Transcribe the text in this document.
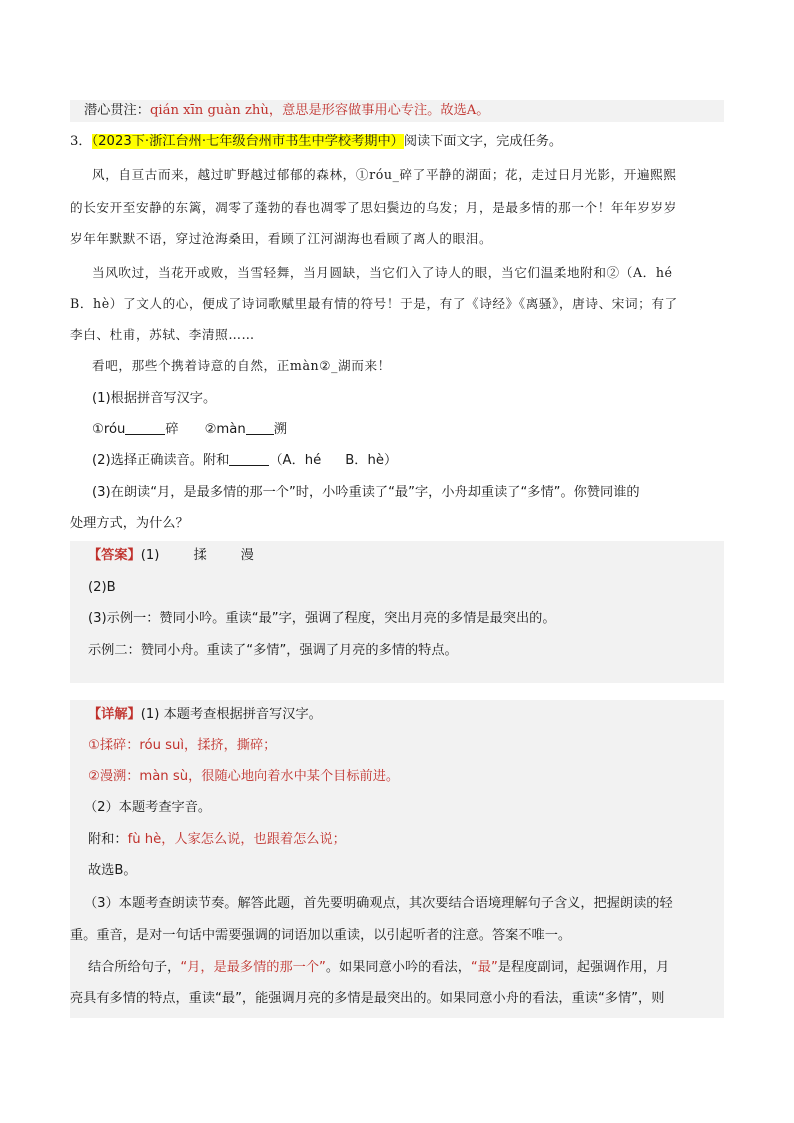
潜心贯注：qián xīn guàn zhù，意思是形容做事用心专注。故选A。
3．（2023下·浙江台州·七年级台州市书生中学校考期中）阅读下面文字，完成任务。
风，自亘古而来，越过旷野越过郁郁的森林，①róu_碎了平静的湖面；花，走过日月光影，开遍熙熙
的长安开至安静的东篱，凋零了蓬勃的春也凋零了思妇鬓边的乌发；月，是最多情的那一个！年年岁岁岁
岁年年默默不语，穿过沧海桑田，看顾了江河湖海也看顾了离人的眼泪。
当风吹过，当花开或败，当雪轻舞，当月圆缺，当它们入了诗人的眼，当它们温柔地附和②（A．hé
B．hè）了文人的心，便成了诗词歌赋里最有情的符号！于是，有了《诗经》《离骚》，唐诗、宋词；有了
李白、杜甫，苏轼、李清照……
看吧，那些个携着诗意的自然，正màn②_湖而来！
(1)根据拼音写汉字。
①róu	碎 ②màn 溯
(2)选择正确读音。附和	（A．hé B．hè）
(3)在朗读“月，是最多情的那一个”时，小吟重读了“最”字，小舟却重读了“多情”。你赞同谁的
处理方式，为什么？
【答案】(1)	揉	漫
(2)B
(3)示例一：赞同小吟。重读“最”字，强调了程度，突出月亮的多情是最突出的。
示例二：赞同小舟。重读了“多情”，强调了月亮的多情的特点。
【详解】(1) 本题考查根据拼音写汉字。
①揉碎：róu suì，揉挤，撕碎；
②漫溯：màn sù，很随心地向着水中某个目标前进。
（2）本题考查字音。
附和：fù hè，人家怎么说，也跟着怎么说；
故选B。
（3）本题考查朗读节奏。解答此题，首先要明确观点，其次要结合语境理解句子含义，把握朗读的轻
重。重音，是对一句话中需要强调的词语加以重读，以引起听者的注意。答案不唯一。
结合所给句子，“月，是最多情的那一个”。如果同意小吟的看法，“最”是程度副词，起强调作用，月
亮具有多情的特点，重读“最”，能强调月亮的多情是最突出的。如果同意小舟的看法，重读“多情”，则
